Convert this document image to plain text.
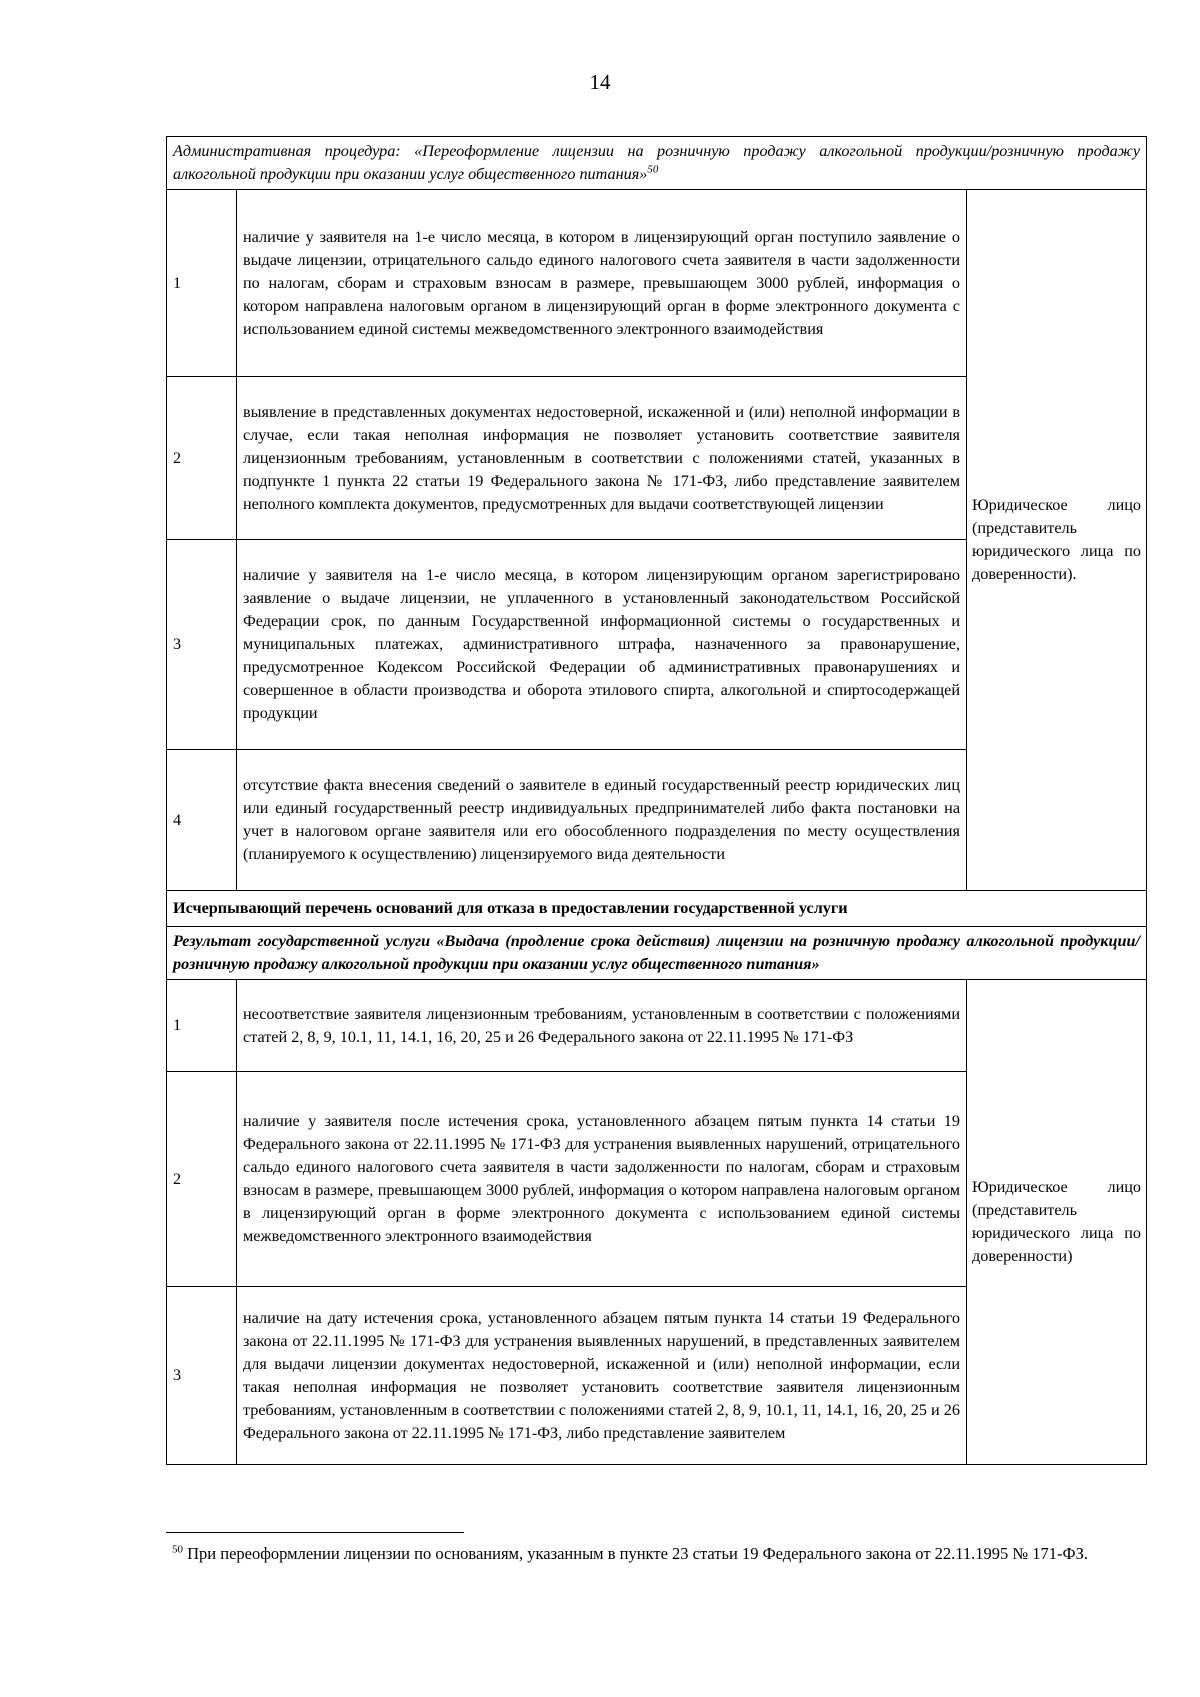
14
Административная процедура: «Переоформление лицензии на розничную продажу алкогольной продукции/розничную продажу алкогольной продукции при оказании услуг общественного питания»$^{50}$
1	наличие у заявителя на 1-е число месяца, в котором в лицензирующий орган поступило заявление о выдаче лицензии, отрицательного сальдо единого налогового счета заявителя в части задолженности по налогам, сборам и страховым взносам в размере, превышающем 3000 рублей, информация о котором направлена налоговым органом в лицензирующий орган в форме электронного документа с использованием единой системы межведомственного электронного взаимодействия	Юридическое лицо (представитель юридического лица по доверенности).
2	выявление в представленных документах недостоверной, искаженной и (или) неполной информации в случае, если такая неполная информация не позволяет установить соответствие заявителя лицензионным требованиям, установленным в соответствии с положениями статей, указанных в подпункте 1 пункта 22 статьи 19 Федерального закона № 171-ФЗ, либо представление заявителем неполного комплекта документов, предусмотренных для выдачи соответствующей лицензии	
3	наличие у заявителя на 1-е число месяца, в котором лицензирующим органом зарегистрировано заявление о выдаче лицензии, не уплаченного в установленный законодательством Российской Федерации срок, по данным Государственной информационной системы о государственных и муниципальных платежах, административного штрафа, назначенного за правонарушение, предусмотренное Кодексом Российской Федерации об административных правонарушениях и совершенное в области производства и оборота этилового спирта, алкогольной и спиртосодержащей продукции	
4	отсутствие факта внесения сведений о заявителе в единый государственный реестр юридических лиц или единый государственный реестр индивидуальных предпринимателей либо факта постановки на учет в налоговом органе заявителя или его обособленного подразделения по месту осуществления (планируемого к осуществлению) лицензируемого вида деятельности	
Исчерпывающий перечень оснований для отказа в предоставлении государственной услуги		
Результат государственной услуги «Выдача (продление срока действия) лицензии на розничную продажу алкогольной продукции/розничную продажу алкогольной продукции при оказании услуг общественного питания»		
1	несоответствие заявителя лицензионным требованиям, установленным в соответствии с положениями статей 2, 8, 9, 10.1, 11, 14.1, 16, 20, 25 и 26 Федерального закона от 22.11.1995 № 171-ФЗ	Юридическое лицо (представитель юридического лица по доверенности)
2	наличие у заявителя после истечения срока, установленного абзацем пятым пункта 14 статьи 19 Федерального закона от 22.11.1995 № 171-ФЗ для устранения выявленных нарушений, отрицательного сальдо единого налогового счета заявителя в части задолженности по налогам, сборам и страховым взносам в размере, превышающем 3000 рублей, информация о котором направлена налоговым органом в лицензирующий орган в форме электронного документа с использованием единой системы межведомственного электронного взаимодействия	
3	наличие на дату истечения срока, установленного абзацем пятым пункта 14 статьи 19 Федерального закона от 22.11.1995 № 171-ФЗ для устранения выявленных нарушений, в представленных заявителем для выдачи лицензии документах недостоверной, искаженной и (или) неполной информации, если такая неполная информация не позволяет установить соответствие заявителя лицензионным требованиям, установленным в соответствии с положениями статей 2, 8, 9, 10.1, 11, 14.1, 16, 20, 25 и 26 Федерального закона от 22.11.1995 № 171-ФЗ, либо представление заявителем	
$^{50}$ При переоформлении лицензии по основаниям, указанным в пункте 23 статьи 19 Федерального закона от 22.11.1995 № 171-ФЗ.
